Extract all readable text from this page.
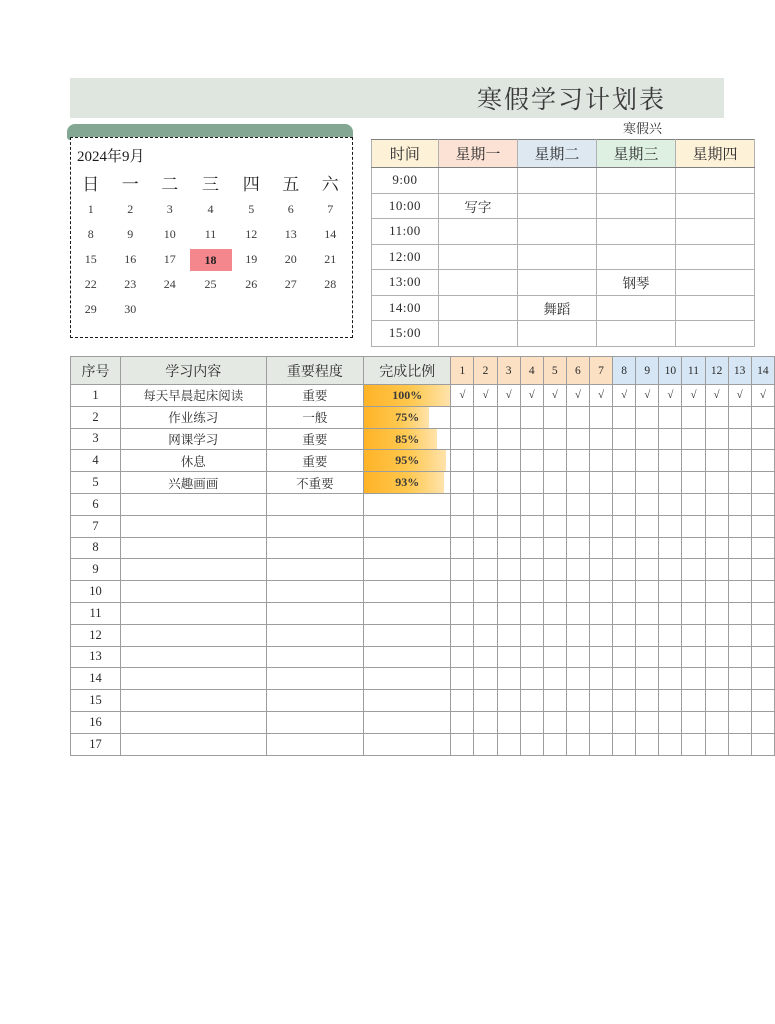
寒假学习计划表
2024年9月
日	一	二	三	四	五	六
1	2	3	4	5	6	7
8	9	10	11	12	13	14
15	16	17	18	19	20	21
22	23	24	25	26	27	28
29	30
寒假兴
时间	星期一	星期二	星期三	星期四
9:00				
10:00	写字			
11:00				
12:00				
13:00			钢琴	
14:00		舞蹈		
15:00				
序号	学习内容	重要程度	完成比例	1	2	3	4	5	6	7	8	9	10	11	12	13	14
1	每天早晨起床阅读	重要	100%	√	√	√	√	√	√	√	√	√	√	√	√	√	√
2	作业练习	一般	75%														

3	网课学习	重要	85%														

4	休息	重要	95%														

5	兴趣画画	不重要	93%														

6																	
7																	
8																	
9																	
10																	
11																	
12																	
13																	
14																	
15																	
16																	
17																	
